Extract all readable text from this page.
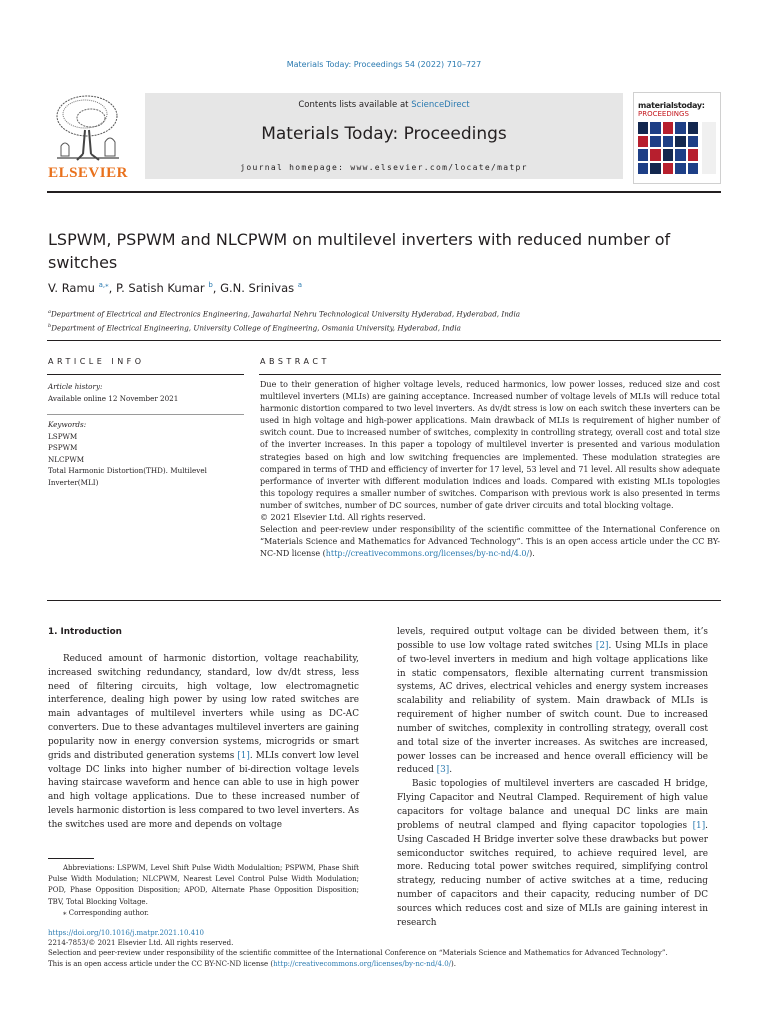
Materials Today: Proceedings 54 (2022) 710–727
ELSEVIER
Contents lists available at ScienceDirect
Materials Today: Proceedings
journal homepage: www.elsevier.com/locate/matpr
materialstoday:
PROCEEDINGS
LSPWM, PSPWM and NLCPWM on multilevel inverters with reduced number of switches
V. Ramu $^{a,⁎}$, P. Satish Kumar $^b$, G.N. Srinivas $^a$
$^a$Department of Electrical and Electronics Engineering, Jawaharlal Nehru Technological University Hyderabad, Hyderabad, India
$^b$Department of Electrical Engineering, University College of Engineering, Osmania University, Hyderabad, India
ARTICLE INFO	ABSTRACT
Article history:
Available online 12 November 2021
Keywords:
LSPWM
PSPWM
NLCPWM
Total Harmonic Distortion(THD). Multilevel Inverter(MLI)

Due to their generation of higher voltage levels, reduced harmonics, low power losses, reduced size and cost multilevel inverters (MLIs) are gaining acceptance. Increased number of voltage levels of MLIs will reduce total harmonic distortion compared to two level inverters. As dv/dt stress is low on each switch these inverters can be used in high voltage and high-power applications. Main drawback of MLIs is requirement of higher number of switch count. Due to increased number of switches, complexity in controlling strategy, overall cost and total size of the inverter increases. In this paper a topology of multilevel inverter is presented and various modulation strategies based on high and low switching frequencies are implemented. These modulation strategies are compared in terms of THD and efficiency of inverter for 17 level, 53 level and 71 level. All results show adequate performance of inverter with different modulation indices and loads. Compared with existing MLIs topologies this topology requires a smaller number of switches. Comparison with previous work is also presented in terms number of switches, number of DC sources, number of gate driver circuits and total blocking voltage.

© 2021 Elsevier Ltd. All rights reserved.

Selection and peer-review under responsibility of the scientific committee of the International Conference on “Materials Science and Mathematics for Advanced Technology”. This is an open access article under the CC BY-NC-ND license (http://creativecommons.org/licenses/by-nc-nd/4.0/).

1. Introduction

Reduced amount of harmonic distortion, voltage reachability, increased switching redundancy, standard, low dv/dt stress, less need of filtering circuits, high voltage, low electromagnetic interference, dealing high power by using low rated switches are main advantages of multilevel inverters while using as DC-AC converters. Due to these advantages multilevel inverters are gaining popularity now in energy conversion systems, microgrids or smart grids and distributed generation systems [1]. MLIs convert low level voltage DC links into higher number of bi-direction voltage levels having staircase waveform and hence can able to use in high power and high voltage applications. Due to these increased number of levels harmonic distortion is less compared to two level inverters. As the switches used are more and depends on voltage

levels, required output voltage can be divided between them, it’s possible to use low voltage rated switches [2]. Using MLIs in place of two-level inverters in medium and high voltage applications like in static compensators, flexible alternating current transmission systems, AC drives, electrical vehicles and energy system increases scalability and reliability of system. Main drawback of MLIs is requirement of higher number of switch count. Due to increased number of switches, complexity in controlling strategy, overall cost and total size of the inverter increases. As switches are increased, power losses can be increased and hence overall efficiency will be reduced [3].

Basic topologies of multilevel inverters are cascaded H bridge, Flying Capacitor and Neutral Clamped. Requirement of high value capacitors for voltage balance and unequal DC links are main problems of neutral clamped and flying capacitor topologies [1]. Using Cascaded H Bridge inverter solve these drawbacks but power semiconductor switches required, to achieve required level, are more. Reducing total power switches required, simplifying control strategy, reducing number of active switches at a time, reducing number of capacitors and their capacity, reducing number of DC sources which reduces cost and size of MLIs are gaining interest in research

Abbreviations: LSPWM, Level Shift Pulse Width Modulaltion; PSPWM, Phase Shift Pulse Width Modulation; NLCPWM, Nearest Level Control Pulse Width Modulation; POD, Phase Opposition Disposition; APOD, Alternate Phase Opposition Disposition; TBV, Total Blocking Voltage.

⁎ Corresponding author.

https://doi.org/10.1016/j.matpr.2021.10.410

2214-7853/© 2021 Elsevier Ltd. All rights reserved.

Selection and peer-review under responsibility of the scientific committee of the International Conference on “Materials Science and Mathematics for Advanced Technology”.

This is an open access article under the CC BY-NC-ND license (http://creativecommons.org/licenses/by-nc-nd/4.0/).
